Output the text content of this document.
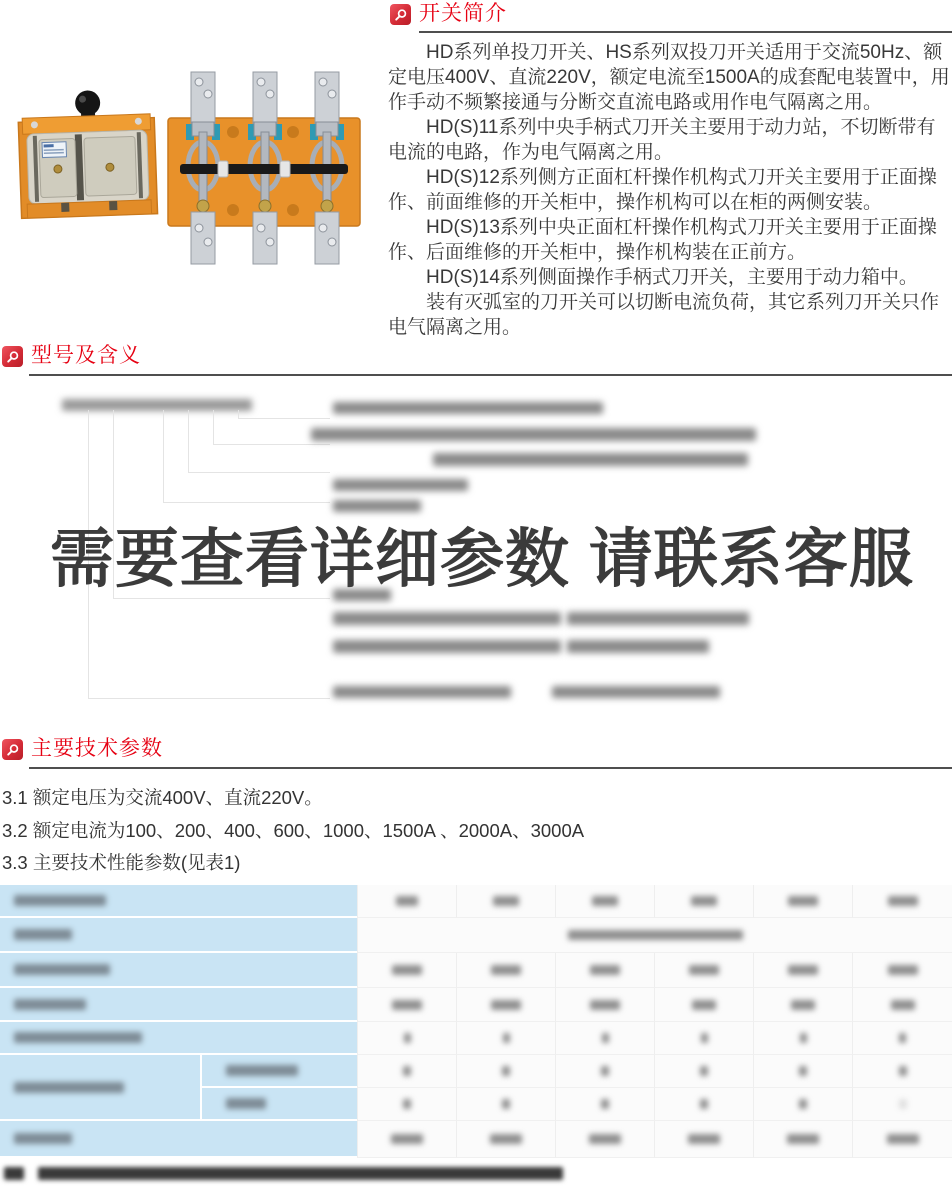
开关简介

HD系列单投刀开关、HS系列双投刀开关适用于交流50Hz、额定电压400V、直流220V，额定电流至1500A的成套配电装置中，用作手动不频繁接通与分断交直流电路或用作电气隔离之用。

HD(S)11系列中央手柄式刀开关主要用于动力站，不切断带有电流的电路，作为电气隔离之用。

HD(S)12系列侧方正面杠杆操作机构式刀开关主要用于正面操作、前面维修的开关柜中，操作机构可以在柜的两侧安装。

HD(S)13系列中央正面杠杆操作机构式刀开关主要用于正面操作、后面维修的开关柜中，操作机构装在正前方。

HD(S)14系列侧面操作手柄式刀开关，主要用于动力箱中。

装有灭弧室的刀开关可以切断电流负荷，其它系列刀开关只作电气隔离之用。

型号及含义
需要查看详细参数 请联系客服
主要技术参数
3.1 额定电压为交流400V、直流220V。
3.2 额定电流为100、200、400、600、1000、1500A 、2000A、3000A
3.3 主要技术性能参数(见表1)
